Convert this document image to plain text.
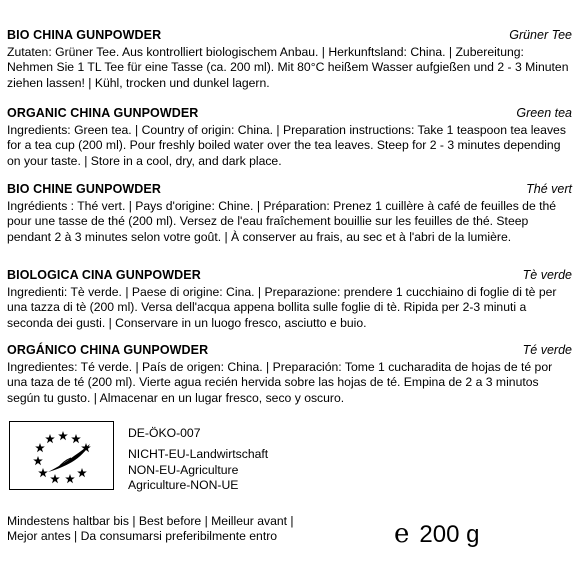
BIO CHINA GUNPOWDER	Grüner Tee
Zutaten: Grüner Tee. Aus kontrolliert biologischem Anbau. | Herkunftsland: China. | Zubereitung: Nehmen Sie 1 TL Tee für eine Tasse (ca. 200 ml). Mit 80°C heißem Wasser aufgießen und 2 - 3 Minuten ziehen lassen! | Kühl, trocken und dunkel lagern.
ORGANIC CHINA GUNPOWDER	Green tea
Ingredients: Green tea. | Country of origin: China. | Preparation instructions: Take 1 teaspoon tea leaves for a tea cup (200 ml). Pour freshly boiled water over the tea leaves. Steep for 2 - 3 minutes depending on your taste. | Store in a cool, dry, and dark place.
BIO CHINE GUNPOWDER	Thé vert
Ingrédients : Thé vert. | Pays d'origine: Chine. | Préparation: Prenez 1 cuillère à café de feuilles de thé pour une tasse de thé (200 ml). Versez de l'eau fraîchement bouillie sur les feuilles de thé. Steep pendant 2 à 3 minutes selon votre goût. | À conserver au frais, au sec et à l'abri de la lumière.
BIOLOGICA CINA GUNPOWDER	Tè verde
Ingredienti: Tè verde. | Paese di origine: Cina. | Preparazione: prendere 1 cucchiaino di foglie di tè per una tazza di tè (200 ml). Versa dell'acqua appena bollita sulle foglie di tè. Ripida per 2-3 minuti a seconda dei gusti. | Conservare in un luogo fresco, asciutto e buio.
ORGÁNICO CHINA GUNPOWDER	Té verde
Ingredientes: Té verde. | País de origen: China. | Preparación: Tome 1 cucharadita de hojas de té por una taza de té (200 ml). Vierte agua recién hervida sobre las hojas de té. Empina de 2 a 3 minutos según tu gusto. | Almacenar en un lugar fresco, seco y oscuro.
DE-ÖKO-007
NICHT-EU-Landwirtschaft
NON-EU-Agriculture
Agriculture-NON-UE
Mindestens haltbar bis | Best before | Meilleur avant | Mejor antes | Da consumarsi preferibilmente entro	e 200 g
